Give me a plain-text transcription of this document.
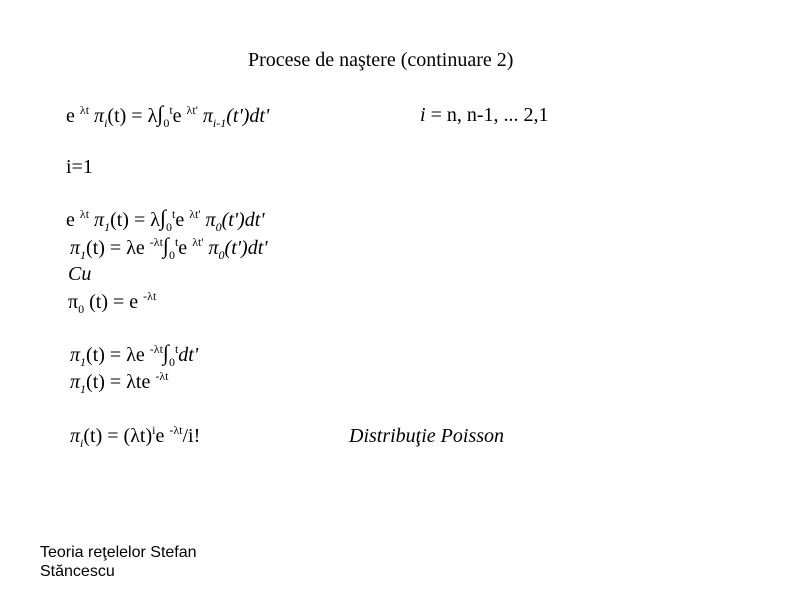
Procese de naştere (continuare 2)
e $^{\lambda t}$ $\pi_i(t) = \lambda\int_0^te$ $^{\lambda t'}$ $\pi_{i-1}(t')dt'$	i = n, n-1, ... 2,1
i=1
e $^{\lambda t}$ $\pi_1(t) = \lambda\int_0^te$ $^{\lambda t'}$ $\pi_0(t')dt'$
$\pi_1(t) = \lambda e$ $^{-\lambda t}\int_0^te$ $^{\lambda t'}$ $\pi_0(t')dt'$
Cu
$\pi_0$ (t) = e $^{-\lambda t}$
$\pi_1(t) = \lambda e$ $^{-\lambda t}\int_0^tdt'$
$\pi_1(t) = \lambda te$ $^{-\lambda t}$
$\pi_i(t) = (\lambda t)^ie$ $^{-\lambda t}$/i!	Distribuţie Poisson
Teoria reţelelor Stefan
Stăncescu
